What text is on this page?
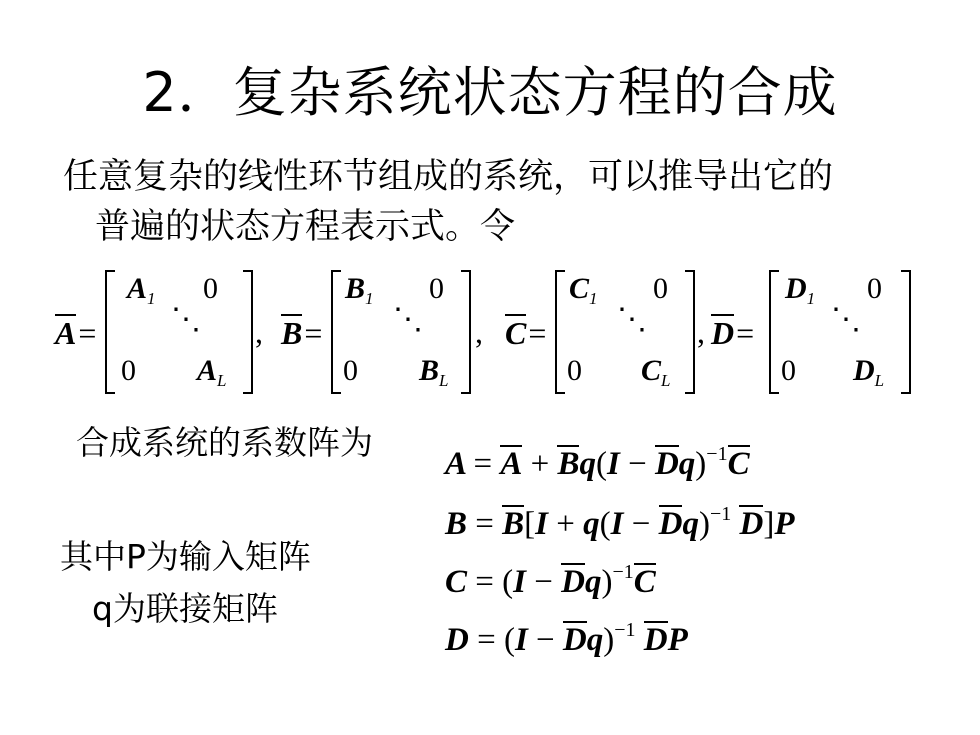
2．复杂系统状态方程的合成
任意复杂的线性环节组成的系统，可以推导出它的
普遍的状态方程表示式。令
A=
$A_1$ 0
⋱
0 $A_L$
, B=
$B_1$ 0
⋱
0 $B_L$
, C=
$C_1$ 0
⋱
0 $C_L$
, D=
$D_1$ 0
⋱
0 $D_L$
合成系统的系数阵为
其中P为输入矩阵
q为联接矩阵
$A = A + Bq(I - Dq)^{-1}C$
$B = B[I + q(I - Dq)^{-1}$ D]P
$C = (I - Dq)^{-1}C$
$D = (I - Dq)^{-1}$ DP
